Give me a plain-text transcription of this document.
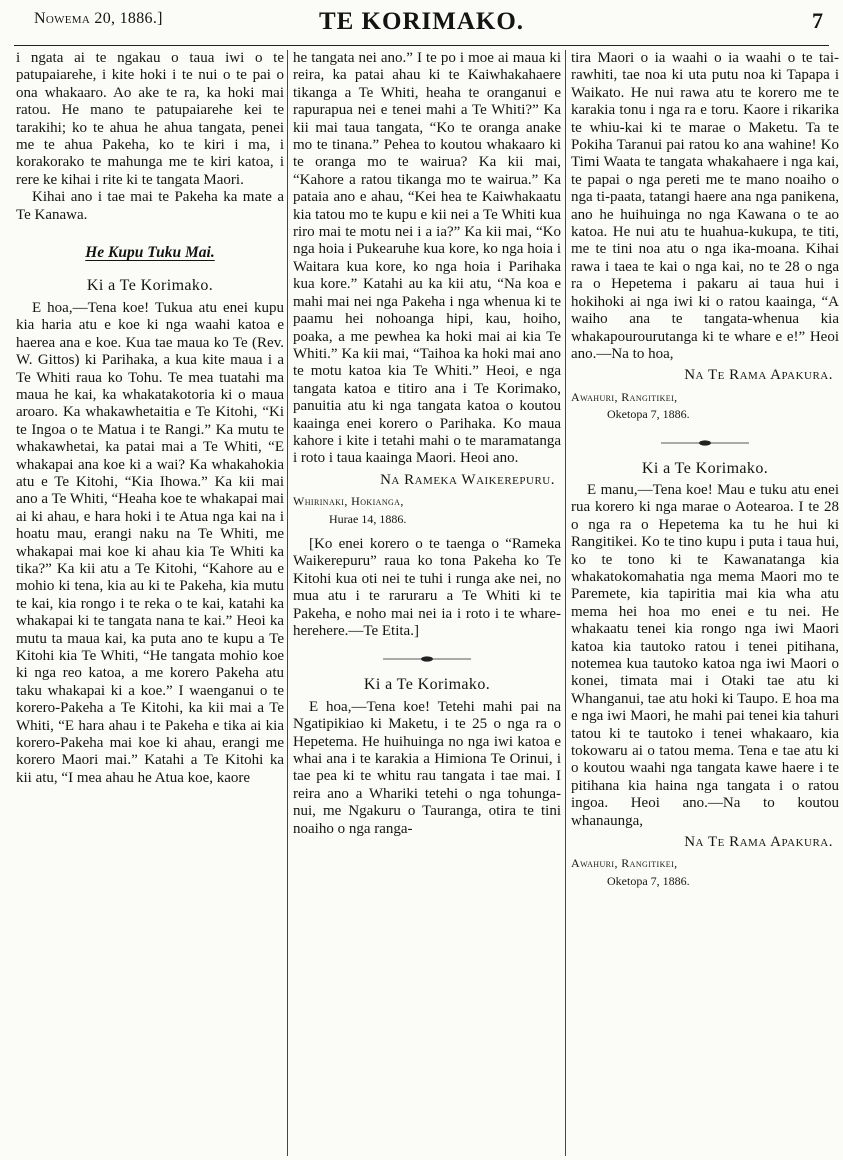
Nowema 20, 1886.]	TE KORIMAKO.	7

i ngata ai te ngakau o taua iwi o te patupaiarehe, i kite hoki i te nui o te pai o ona whakaaro. Ao ake te ra, ka hoki mai ratou. He mano te patupaiarehe kei te tarakihi; ko te ahua he ahua tangata, penei me te ahua Pakeha, ko te kiri i ma, i korakorako te mahunga me te kiri katoa, i rere ke kihai i rite ki te tangata Maori.

Kihai ano i tae mai te Pakeha ka mate a Te Kanawa.

He Kupu Tuku Mai.
Ki a Te Korimako.

E hoa,—Tena koe! Tukua atu enei kupu kia haria atu e koe ki nga waahi katoa e haerea ana e koe. Kua tae maua ko Te (Rev. W. Gittos) ki Parihaka, a kua kite maua i a Te Whiti raua ko Tohu. Te mea tuatahi ma maua he kai, ka whakatakotoria ki o maua aroaro. Ka whakawhetaitia e Te Kitohi, “Ki te Ingoa o te Matua i te Rangi.” Ka mutu te whakawhetai, ka patai mai a Te Whiti, “E whakapai ana koe ki a wai? Ka whakahokia atu e Te Kitohi, “Kia Ihowa.” Ka kii mai ano a Te Whiti, “Heaha koe te whakapai mai ai ki ahau, e hara hoki i te Atua nga kai na i hoatu mau, erangi naku na Te Whiti, me whakapai mai koe ki ahau kia Te Whiti ka tika?” Ka kii atu a Te Kitohi, “Kahore au e mohio ki tena, kia au ki te Pakeha, kia mutu te kai, kia rongo i te reka o te kai, katahi ka whakapai ki te tangata nana te kai.” Heoi ka mutu ta maua kai, ka puta ano te kupu a Te Kitohi kia Te Whiti, “He tangata mohio koe ki nga reo katoa, a me korero Pakeha atu taku whakapai ki a koe.” I waenganui o te korero-Pakeha a Te Kitohi, ka kii mai a Te Whiti, “E hara ahau i te Pakeha e tika ai kia korero-Pakeha mai koe ki ahau, erangi me korero Maori mai.” Katahi a Te Kitohi ka kii atu, “I mea ahau he Atua koe, kaore

he tangata nei ano.” I te po i moe ai maua ki reira, ka patai ahau ki te Kaiwhakahaere tikanga a Te Whiti, heaha te oranganui e rapurapua nei e tenei mahi a Te Whiti?” Ka kii mai taua tangata, “Ko te oranga anake mo te tinana.” Pehea to koutou whakaaro ki te oranga mo te wairua? Ka kii mai, “Kahore a ratou tikanga mo te wairua.” Ka pataia ano e ahau, “Kei hea te Kaiwhakaatu kia tatou mo te kupu e kii nei a Te Whiti kua riro mai te motu nei i a ia?” Ka kii mai, “Ko nga hoia i Pukearuhe kua kore, ko nga hoia i Waitara kua kore, ko nga hoia i Parihaka kua kore.” Katahi au ka kii atu, “Na koa e mahi mai nei nga Pakeha i nga whenua ki te paamu hei nohoanga hipi, kau, hoiho, poaka, a me pewhea ka hoki mai ai kia Te Whiti.” Ka kii mai, “Taihoa ka hoki mai ano te motu katoa kia Te Whiti.” Heoi, e nga tangata katoa e titiro ana i Te Korimako, panuitia atu ki nga tangata katoa o koutou kaainga enei korero o Parihaka. Ko maua kahore i kite i tetahi mahi o te maramatanga i roto i taua kaainga Maori. Heoi ano.

Na Rameka Waikerepuru.
Whirinaki, Hokianga,
Hurae 14, 1886.

[Ko enei korero o te taenga o “Rameka Waikerepuru” raua ko tona Pakeha ko Te Kitohi kua oti nei te tuhi i runga ake nei, no mua atu i te raruraru a Te Whiti ki te Pakeha, e noho mai nei ia i roto i te whare-herehere.—Te Etita.]

Ki a Te Korimako.

E hoa,—Tena koe! Tetehi mahi pai na Ngatipikiao ki Maketu, i te 25 o nga ra o Hepetema. He huihuinga no nga iwi katoa e whai ana i te karakia a Himiona Te Orinui, i tae pea ki te whitu rau tangata i tae mai. I reira ano a Whariki tetehi o nga tohunga-nui, me Ngakuru o Tauranga, otira te tini noaiho o nga ranga-

tira Maori o ia waahi o ia waahi o te tai-rawhiti, tae noa ki uta putu noa ki Tapapa i Waikato. He nui rawa atu te korero me te karakia tonu i nga ra e toru. Kaore i rikarika te whiu-kai ki te marae o Maketu. Ta te Pokiha Taranui pai ratou ko ana wahine! Ko Timi Waata te tangata whakahaere i nga kai, te papai o nga pereti me te mano noaiho o nga ti-paata, tatangi haere ana nga panikena, ano he huihuinga no nga Kawana o te ao katoa. He nui atu te huahua-kukupa, te titi, me te tini noa atu o nga ika-moana. Kihai rawa i taea te kai o nga kai, no te 28 o nga ra o Hepetema i pakaru ai taua hui i hokihoki ai nga iwi ki o ratou kaainga, “A waiho ana te tangata-whenua kia whakapourourutanga ki te whare e e!” Heoi ano.—Na to hoa,

Na Te Rama Apakura.
Awahuri, Rangitikei,
Oketopa 7, 1886.
Ki a Te Korimako.

E manu,—Tena koe! Mau e tuku atu enei rua korero ki nga marae o Aotearoa. I te 28 o nga ra o Hepetema ka tu he hui ki Rangitikei. Ko te tino kupu i puta i taua hui, ko te tono ki te Kawanatanga kia whakatokomahatia nga mema Maori mo te Paremete, kia tapiritia mai kia wha atu mema hei hoa mo enei e tu nei. He whakaatu tenei kia rongo nga iwi Maori katoa kia tautoko ratou i tenei pitihana, notemea kua tautoko katoa nga iwi Maori o konei, timata mai i Otaki tae atu ki Whanganui, tae atu hoki ki Taupo. E hoa ma e nga iwi Maori, he mahi pai tenei kia tahuri tatou ki te tautoko i tenei whakaaro, kia tokowaru ai o tatou mema. Tena e tae atu ki o koutou waahi nga tangata kawe haere i te pitihana kia haina nga tangata i o ratou ingoa. Heoi ano.—Na to koutou whanaunga,

Na Te Rama Apakura.
Awahuri, Rangitikei,
Oketopa 7, 1886.
